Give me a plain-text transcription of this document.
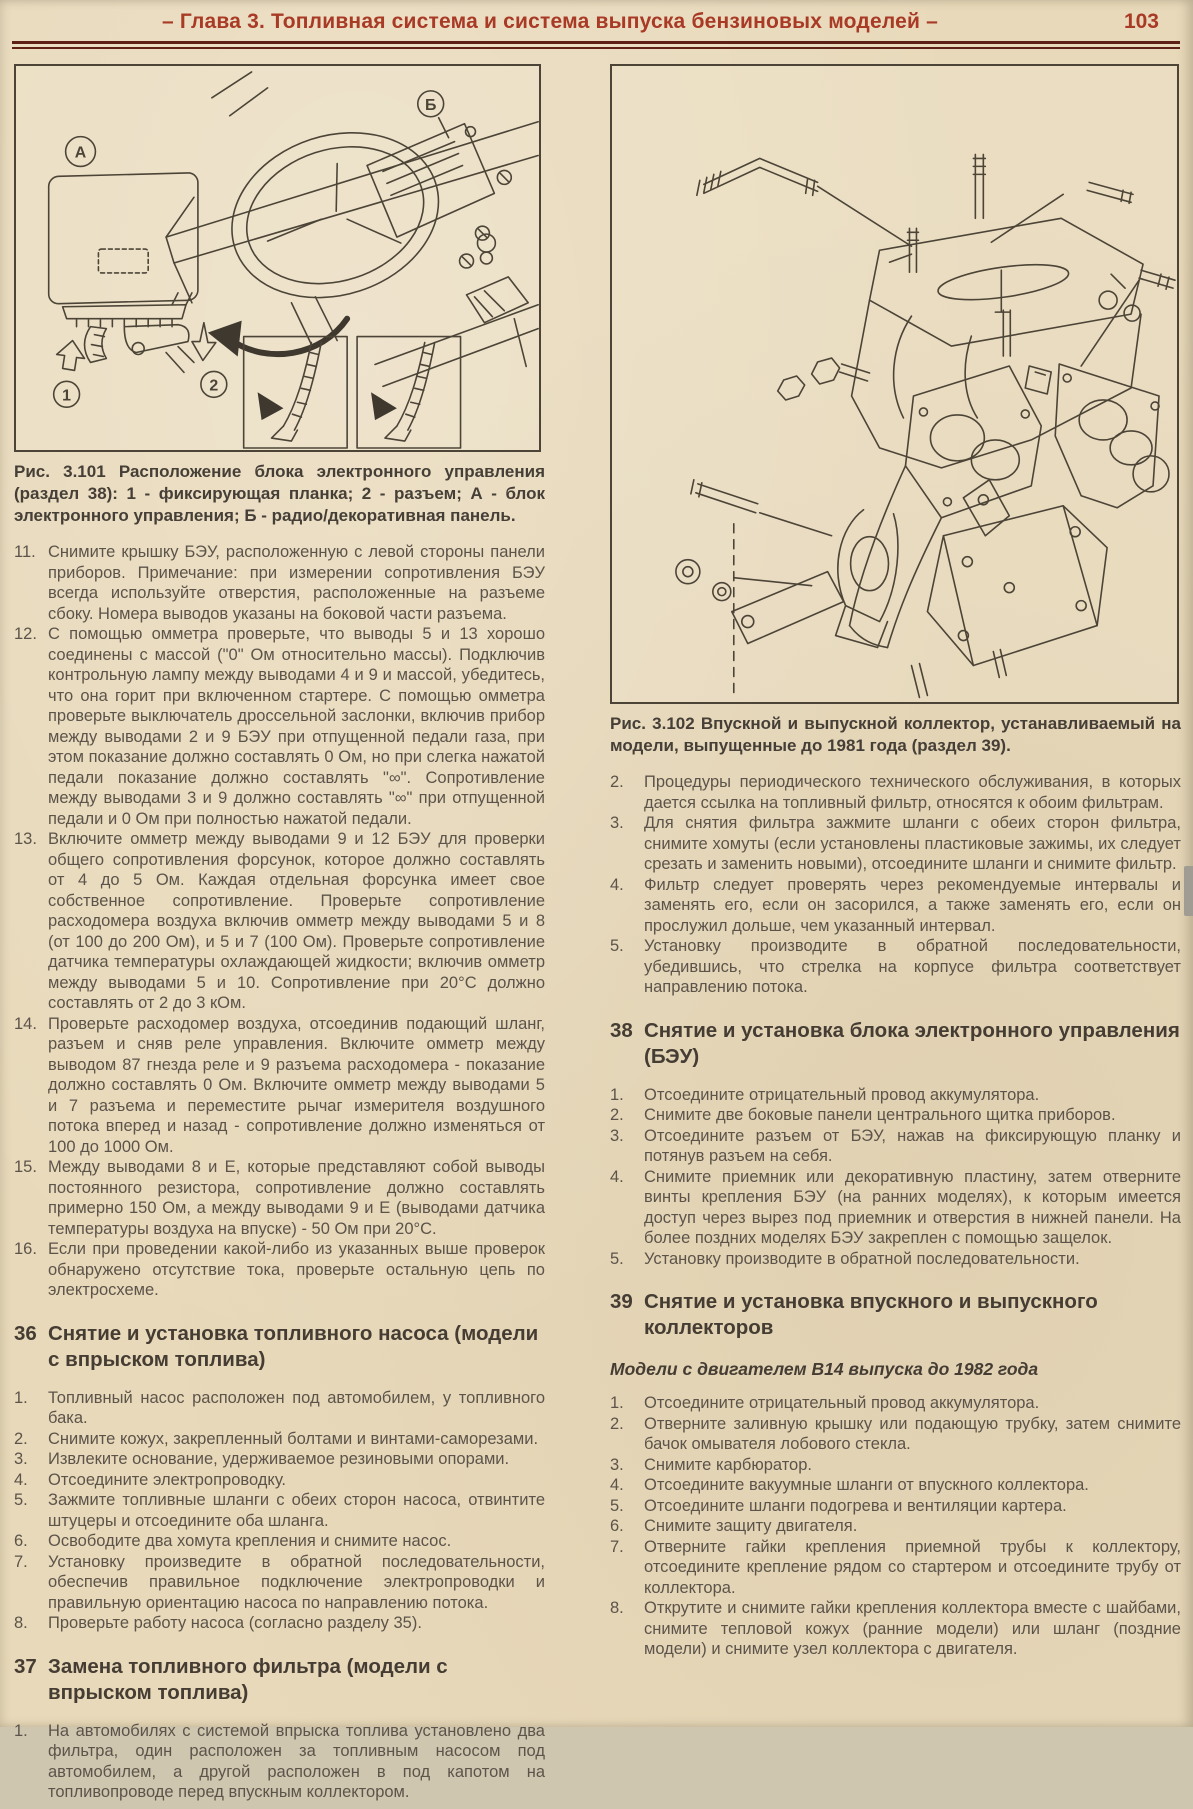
– Глава 3. Топливная система и система выпуска бензиновых моделей –	103
Б
А
1
2

Рис. 3.101 Расположение блока электронного управления (раздел 38): 1 - фиксирующая планка; 2 - разъем; А - блок электронного управления; Б - радио/декоративная панель.

11. Снимите крышку БЭУ, расположенную с левой стороны панели приборов. Примечание: при измерении сопротивления БЭУ всегда используйте отверстия, расположенные на разъеме сбоку. Номера выводов указаны на боковой части разъема.
12. С помощью омметра проверьте, что выводы 5 и 13 хорошо соединены с массой ("0" Ом относительно массы). Подключив контрольную лампу между выводами 4 и 9 и массой, убедитесь, что она горит при включенном стартере. С помощью омметра проверьте выключатель дроссельной заслонки, включив прибор между выводами 2 и 9 БЭУ при отпущенной педали газа, при этом показание должно составлять 0 Ом, но при слегка нажатой педали показание должно составлять "∞". Сопротивление между выводами 3 и 9 должно составлять "∞" при отпущенной педали и 0 Ом при полностью нажатой педали.
13. Включите омметр между выводами 9 и 12 БЭУ для проверки общего сопротивления форсунок, которое должно составлять от 4 до 5 Ом. Каждая отдельная форсунка имеет свое собственное сопротивление. Проверьте сопротивление расходомера воздуха включив омметр между выводами 5 и 8 (от 100 до 200 Ом), и 5 и 7 (100 Ом). Проверьте сопротивление датчика температуры охлаждающей жидкости; включив омметр между выводами 5 и 10. Сопротивление при 20°С должно составлять от 2 до 3 кОм.
14. Проверьте расходомер воздуха, отсоединив подающий шланг, разъем и сняв реле управления. Включите омметр между выводом 87 гнезда реле и 9 разъема расходомера - показание должно составлять 0 Ом. Включите омметр между выводами 5 и 7 разъема и переместите рычаг измерителя воздушного потока вперед и назад - сопротивление должно изменяться от 100 до 1000 Ом.
15. Между выводами 8 и Е, которые представляют собой выводы постоянного резистора, сопротивление должно составлять примерно 150 Ом, а между выводами 9 и Е (выводами датчика температуры воздуха на впуске) - 50 Ом при 20°С.
16. Если при проведении какой-либо из указанных выше проверок обнаружено отсутствие тока, проверьте остальную цепь по электросхеме.
36 Снятие и установка топливного насоса (модели с впрыском топлива)
1.	Топливный насос расположен под автомобилем, у топливного бака.
2.	Снимите кожух, закрепленный болтами и винтами-саморезами.
3.	Извлеките основание, удерживаемое резиновыми опорами.
4.	Отсоедините электропроводку.
5.	Зажмите топливные шланги с обеих сторон насоса, отвинтите штуцеры и отсоедините оба шланга.
6.	Освободите два хомута крепления и снимите насос.
7.	Установку произведите в обратной последовательности, обеспечив правильное подключение электропроводки и правильную ориентацию насоса по направлению потока.
8.	Проверьте работу насоса (согласно разделу 35).
37 Замена топливного фильтра (модели с впрыском топлива)
1.	На автомобилях с системой впрыска топлива установлено два фильтра, один расположен за топливным насосом под автомобилем, а другой расположен в под капотом на топливопроводе перед впускным коллектором.

Рис. 3.102 Впускной и выпускной коллектор, устанавливаемый на модели, выпущенные до 1981 года (раздел 39).

2.	Процедуры периодического технического обслуживания, в которых дается ссылка на топливный фильтр, относятся к обоим фильтрам.
3.	Для снятия фильтра зажмите шланги с обеих сторон фильтра, снимите хомуты (если установлены пластиковые зажимы, их следует срезать и заменить новыми), отсоедините шланги и снимите фильтр.
4.	Фильтр следует проверять через рекомендуемые интервалы и заменять его, если он засорился, а также заменять его, если он прослужил дольше, чем указанный интервал.
5.	Установку производите в обратной последовательности, убедившись, что стрелка на корпусе фильтра соответствует направлению потока.
38 Снятие и установка блока электронного управления (БЭУ)
1.	Отсоедините отрицательный провод аккумулятора.
2.	Снимите две боковые панели центрального щитка приборов.
3.	Отсоедините разъем от БЭУ, нажав на фиксирующую планку и потянув разъем на себя.
4.	Снимите приемник или декоративную пластину, затем отверните винты крепления БЭУ (на ранних моделях), к которым имеется доступ через вырез под приемник и отверстия в нижней панели. На более поздних моделях БЭУ закреплен с помощью защелок.
5.	Установку производите в обратной последовательности.
39 Снятие и установка впускного и выпускного коллекторов
Модели с двигателем В14 выпуска до 1982 года
1.	Отсоедините отрицательный провод аккумулятора.
2.	Отверните заливную крышку или подающую трубку, затем снимите бачок омывателя лобового стекла.
3.	Снимите карбюратор.
4.	Отсоедините вакуумные шланги от впускного коллектора.
5.	Отсоедините шланги подогрева и вентиляции картера.
6.	Снимите защиту двигателя.
7.	Отверните гайки крепления приемной трубы к коллектору, отсоедините крепление рядом со стартером и отсоедините трубу от коллектора.
8.	Открутите и снимите гайки крепления коллектора вместе с шайбами, снимите тепловой кожух (ранние модели) или шланг (поздние модели) и снимите узел коллектора с двигателя.
